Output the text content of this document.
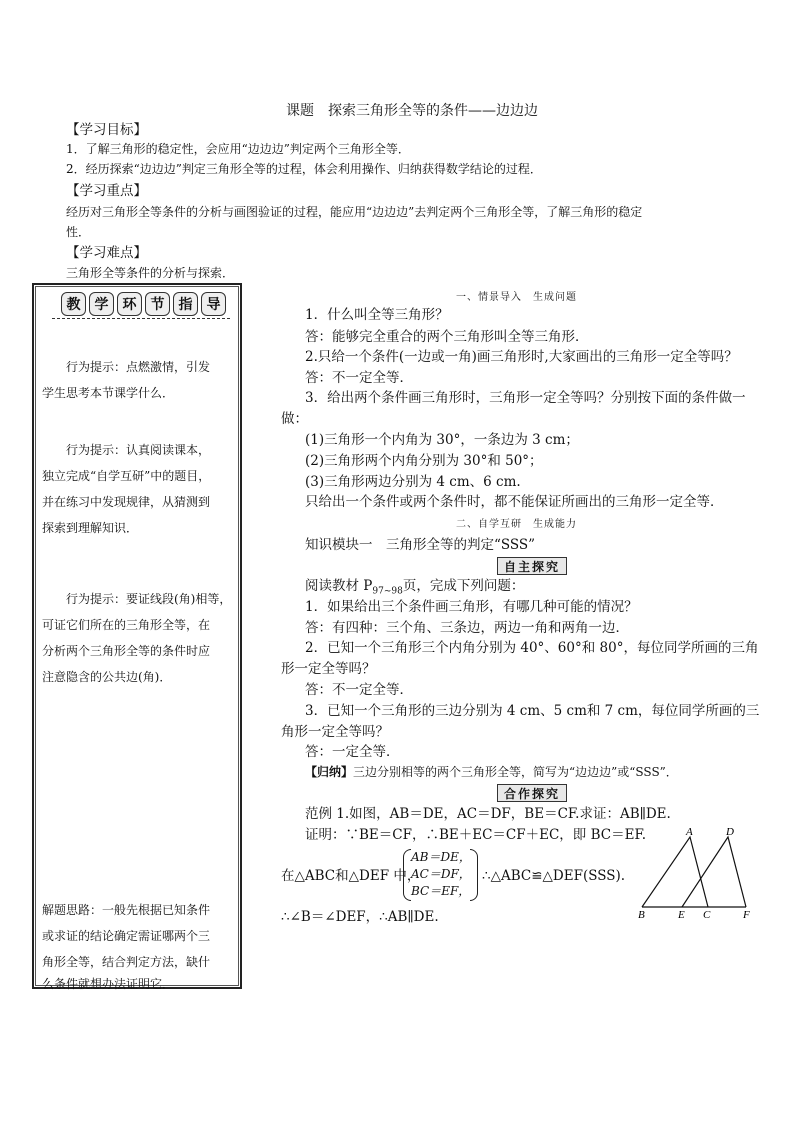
课题　探索三角形全等的条件——边边边
【学习目标】
1．了解三角形的稳定性，会应用“边边边”判定两个三角形全等．
2．经历探索“边边边”判定三角形全等的过程，体会利用操作、归纳获得数学结论的过程．
【学习重点】
经历对三角形全等条件的分析与画图验证的过程，能应用“边边边”去判定两个三角形全等，了解三角形的稳定
性．
【学习难点】
三角形全等条件的分析与探索．
教	学	环	节	指	导
行为提示：点燃激情，引发
学生思考本节课学什么．
行为提示：认真阅读课本，
独立完成“自学互研”中的题目，
并在练习中发现规律，从猜测到
探索到理解知识．
行为提示：要证线段(角)相等，
可证它们所在的三角形全等，在
分析两个三角形全等的条件时应
注意隐含的公共边(角)．
解题思路：一般先根据已知条件
或求证的结论确定需证哪两个三
角形全等，结合判定方法，缺什
么条件就想办法证明它．
一、情景导入　生成问题
1．什么叫全等三角形？
答：能够完全重合的两个三角形叫全等三角形．
2.只给一个条件(一边或一角)画三角形时,大家画出的三角形一定全等吗？
答：不一定全等．
3．给出两个条件画三角形时，三角形一定全等吗？分别按下面的条件做一
做：
(1)三角形一个内角为 30°，一条边为 3 cm；
(2)三角形两个内角分别为 30°和 50°；
(3)三角形两边分别为 4 cm、6 cm.
只给出一个条件或两个条件时，都不能保证所画出的三角形一定全等．
二、自学互研　生成能力
知识模块一　三角形全等的判定“SSS”
自主探究
阅读教材 $P_{97\sim 98}$页，完成下列问题：
1．如果给出三个条件画三角形，有哪几种可能的情况？
答：有四种：三个角、三条边，两边一角和两角一边．
2．已知一个三角形三个内角分别为 40°、60°和 80°，每位同学所画的三角
形一定全等吗？
答：不一定全等．
3．已知一个三角形的三边分别为 4 cm、5 cm和 7 cm，每位同学所画的三
角形一定全等吗？
答：一定全等．
【归纳】三边分别相等的两个三角形全等，简写为“边边边”或“SSS”．
合作探究
范例 1.如图，AB＝DE，AC＝DF，BE＝CF.求证：AB∥DE.
证明：∵BE＝CF，∴BE＋EC＝CF＋EC，即 BC＝EF.
在△ABC和△DEF 中，
AB＝DE，
AC＝DF，
BC＝EF，
∴△ABC≌△DEF(SSS).
∴∠B＝∠DEF，∴AB∥DE.
A	D
B	E C	F
